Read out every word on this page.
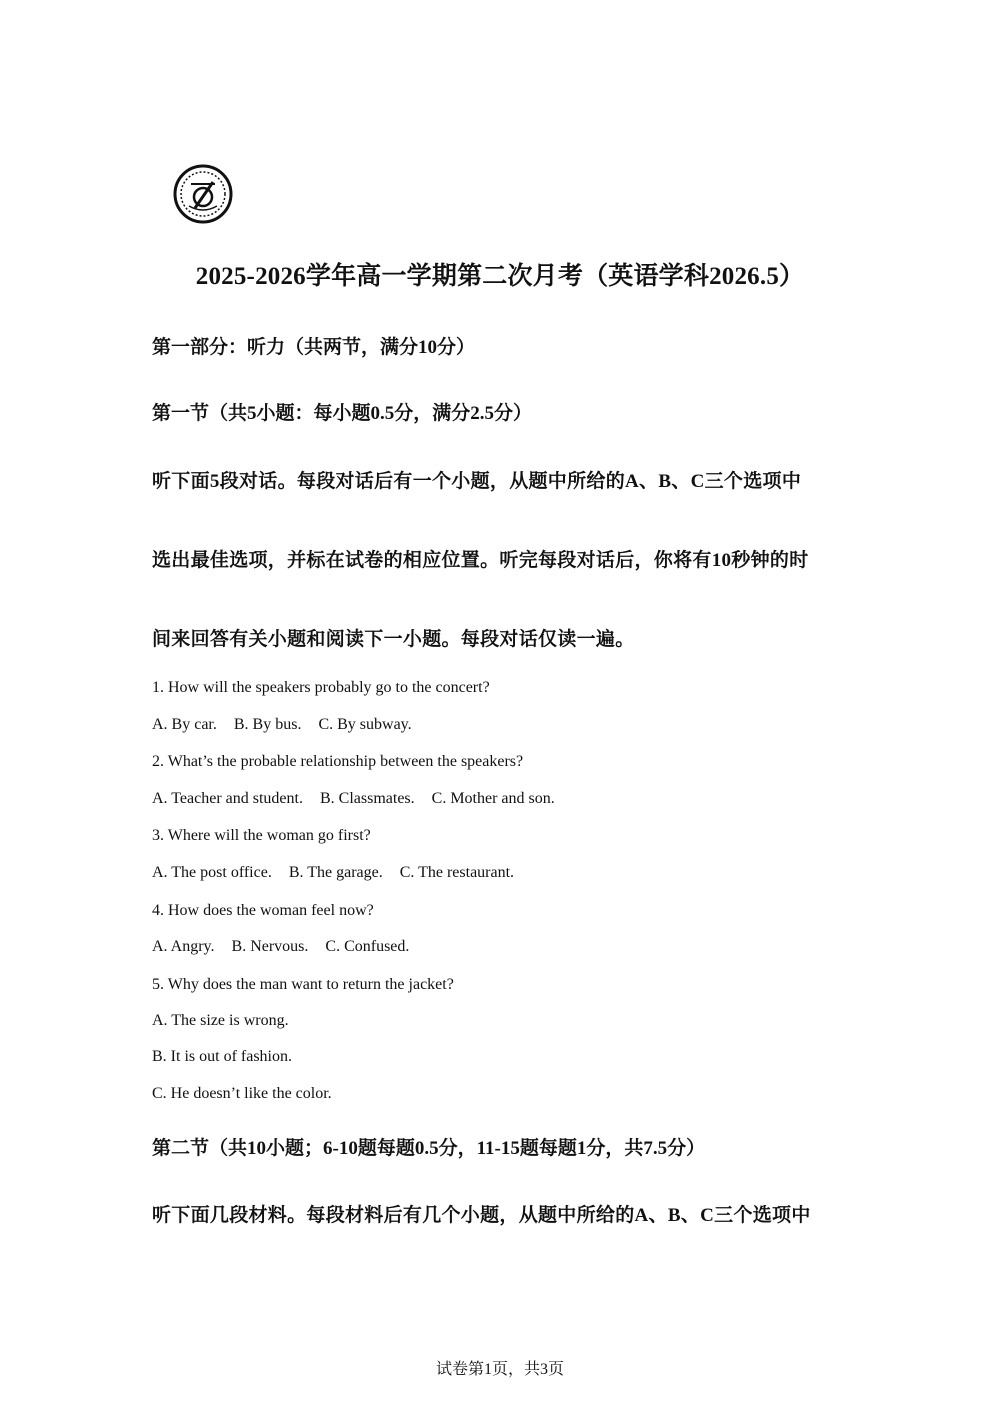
2025-2026学年高一学期第二次月考（英语学科2026.5）
第一部分：听力（共两节，满分10分）
第一节（共5小题：每小题0.5分，满分2.5分）
听下面5段对话。每段对话后有一个小题，从题中所给的A、B、C三个选项中
选出最佳选项，并标在试卷的相应位置。听完每段对话后，你将有10秒钟的时
间来回答有关小题和阅读下一小题。每段对话仅读一遍。
1. How will the speakers probably go to the concert?
A. By car. B. By bus. C. By subway.
2. What’s the probable relationship between the speakers?
A. Teacher and student. B. Classmates. C. Mother and son.
3. Where will the woman go first?
A. The post office. B. The garage. C. The restaurant.
4. How does the woman feel now?
A. Angry. B. Nervous. C. Confused.
5. Why does the man want to return the jacket?
A. The size is wrong.
B. It is out of fashion.
C. He doesn’t like the color.
第二节（共10小题；6-10题每题0.5分，11-15题每题1分，共7.5分）
听下面几段材料。每段材料后有几个小题，从题中所给的A、B、C三个选项中
试卷第1页，共3页
